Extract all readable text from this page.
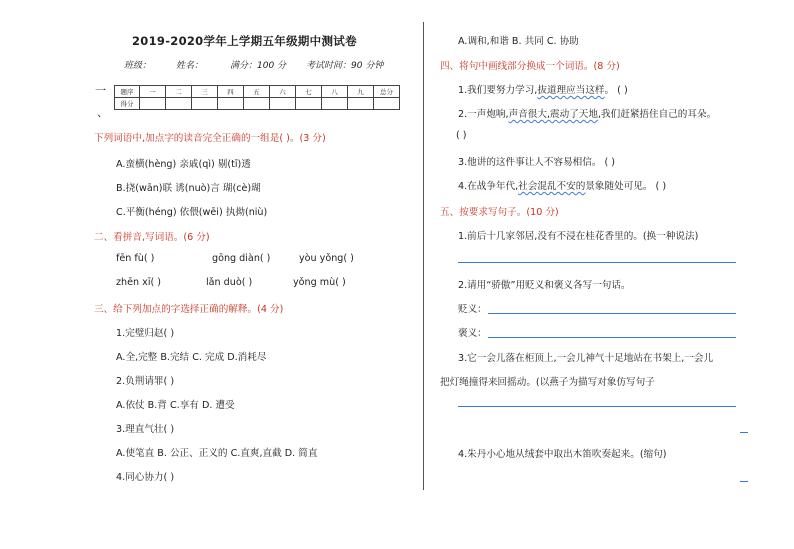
2019-2020学年上学期五年级期中测试卷
班级：	姓名：	满分：100 分 考试时间：90 分钟
一
、
题序	一	二	三	四	五	六	七	八	九	总分
得分										
下列词语中,加点字的读音完全正确的一组是( )。(3 分)
A.蛮横(hèng) 亲戚(qì) 剔(tī)透
B.挠(wān)联 诱(nuò)言 瑚(cè)瑚
C.平衡(héng) 依偎(wēi) 执拗(niù)
二、看拼音,写词语。(6 分)
fēn fù( )	gōng diàn( )	yòu yǒng( )
zhēn xī( )	lǎn duò( )	yǒng mù( )
三、给下列加点的字选择正确的解释。(4 分)
1.完璧归赵( )
A.全,完整 B.完结 C. 完成 D.消耗尽
2.负荆请罪( )
A.依仗 B.背 C.享有 D. 遭受
3.理直气壮( )
A.使笔直 B. 公正、正义的 C.直爽,直截 D. 简直
4.同心协力( )
A.调和,和谐 B. 共同 C. 协助
四、将句中画线部分换成一个词语。(8 分)
1.我们要努力学习,抜道理应当这样。 ( )
2.一声炮响,声音很大,震动了天地,我们赶紧捂住自己的耳朵。
( )
3.他讲的这件事让人不容易相信。 ( )
4.在战争年代,社会混乱不安的景象随处可见。 ( )
五、按要求写句子。(10 分)
1.前后十几家邻居,没有不浸在桂花香里的。(换一种说法)
2.请用“骄傲”用贬义和褒义各写一句话。
贬义：
褒义：
3.它一会儿落在柜顶上,一会儿神气十足地站在书架上,一会儿
把灯绳撞得来回摇动。(以燕子为描写对象仿写句子
4.朱丹小心地从绒套中取出木笛吹奏起来。(缩句)
